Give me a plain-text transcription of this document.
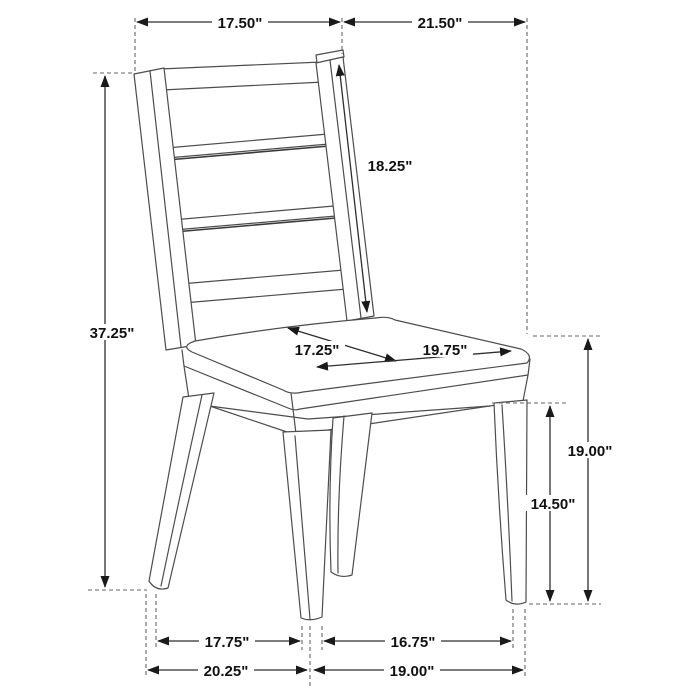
17.50"	21.50"
37.25"
18.25"
17.25"	19.75"
19.00"
14.50"
17.75"	16.75"
20.25"	19.00"
